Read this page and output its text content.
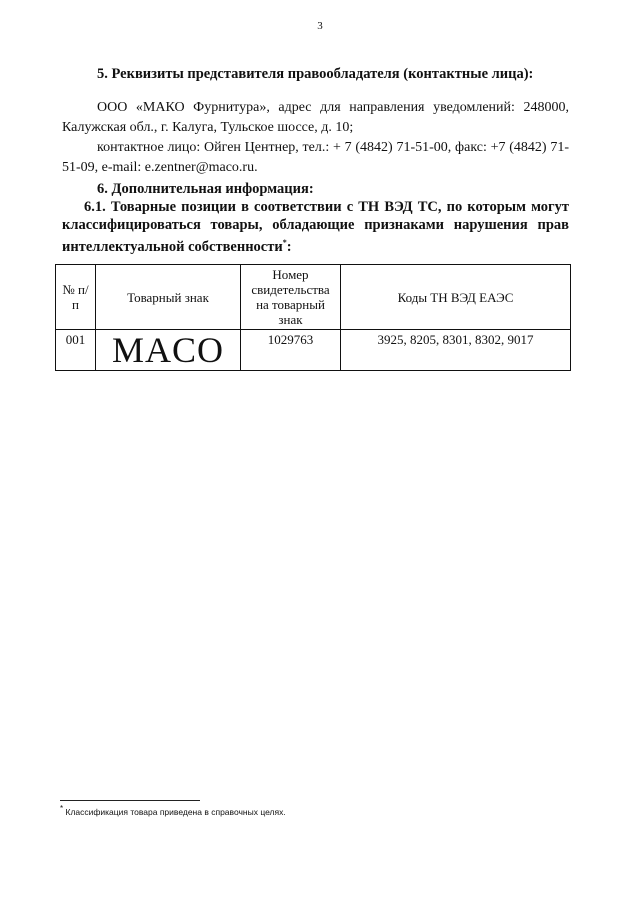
3
5. Реквизиты представителя правообладателя (контактные лица):

ООО «МАКО Фурнитура», адрес для направления уведомлений: 248000, Калужская обл., г. Калуга, Тульское шоссе, д. 10;

контактное лицо: Ойген Центнер, тел.: + 7 (4842) 71-51-00, факс: +7 (4842) 71-51-09, e-mail: e.zentner@maco.ru.

6. Дополнительная информация:

6.1. Товарные позиции в соответствии с ТН ВЭД ТС, по которым могут классифицироваться товары, обладающие признаками нарушения прав интеллектуальной собственности*:

№ п/п	Товарный знак	Номер свидетельства на товарный знак	Коды ТН ВЭД ЕАЭС
001	MACO	1029763	3925, 8205, 8301, 8302, 9017
* Классификация товара приведена в справочных целях.
